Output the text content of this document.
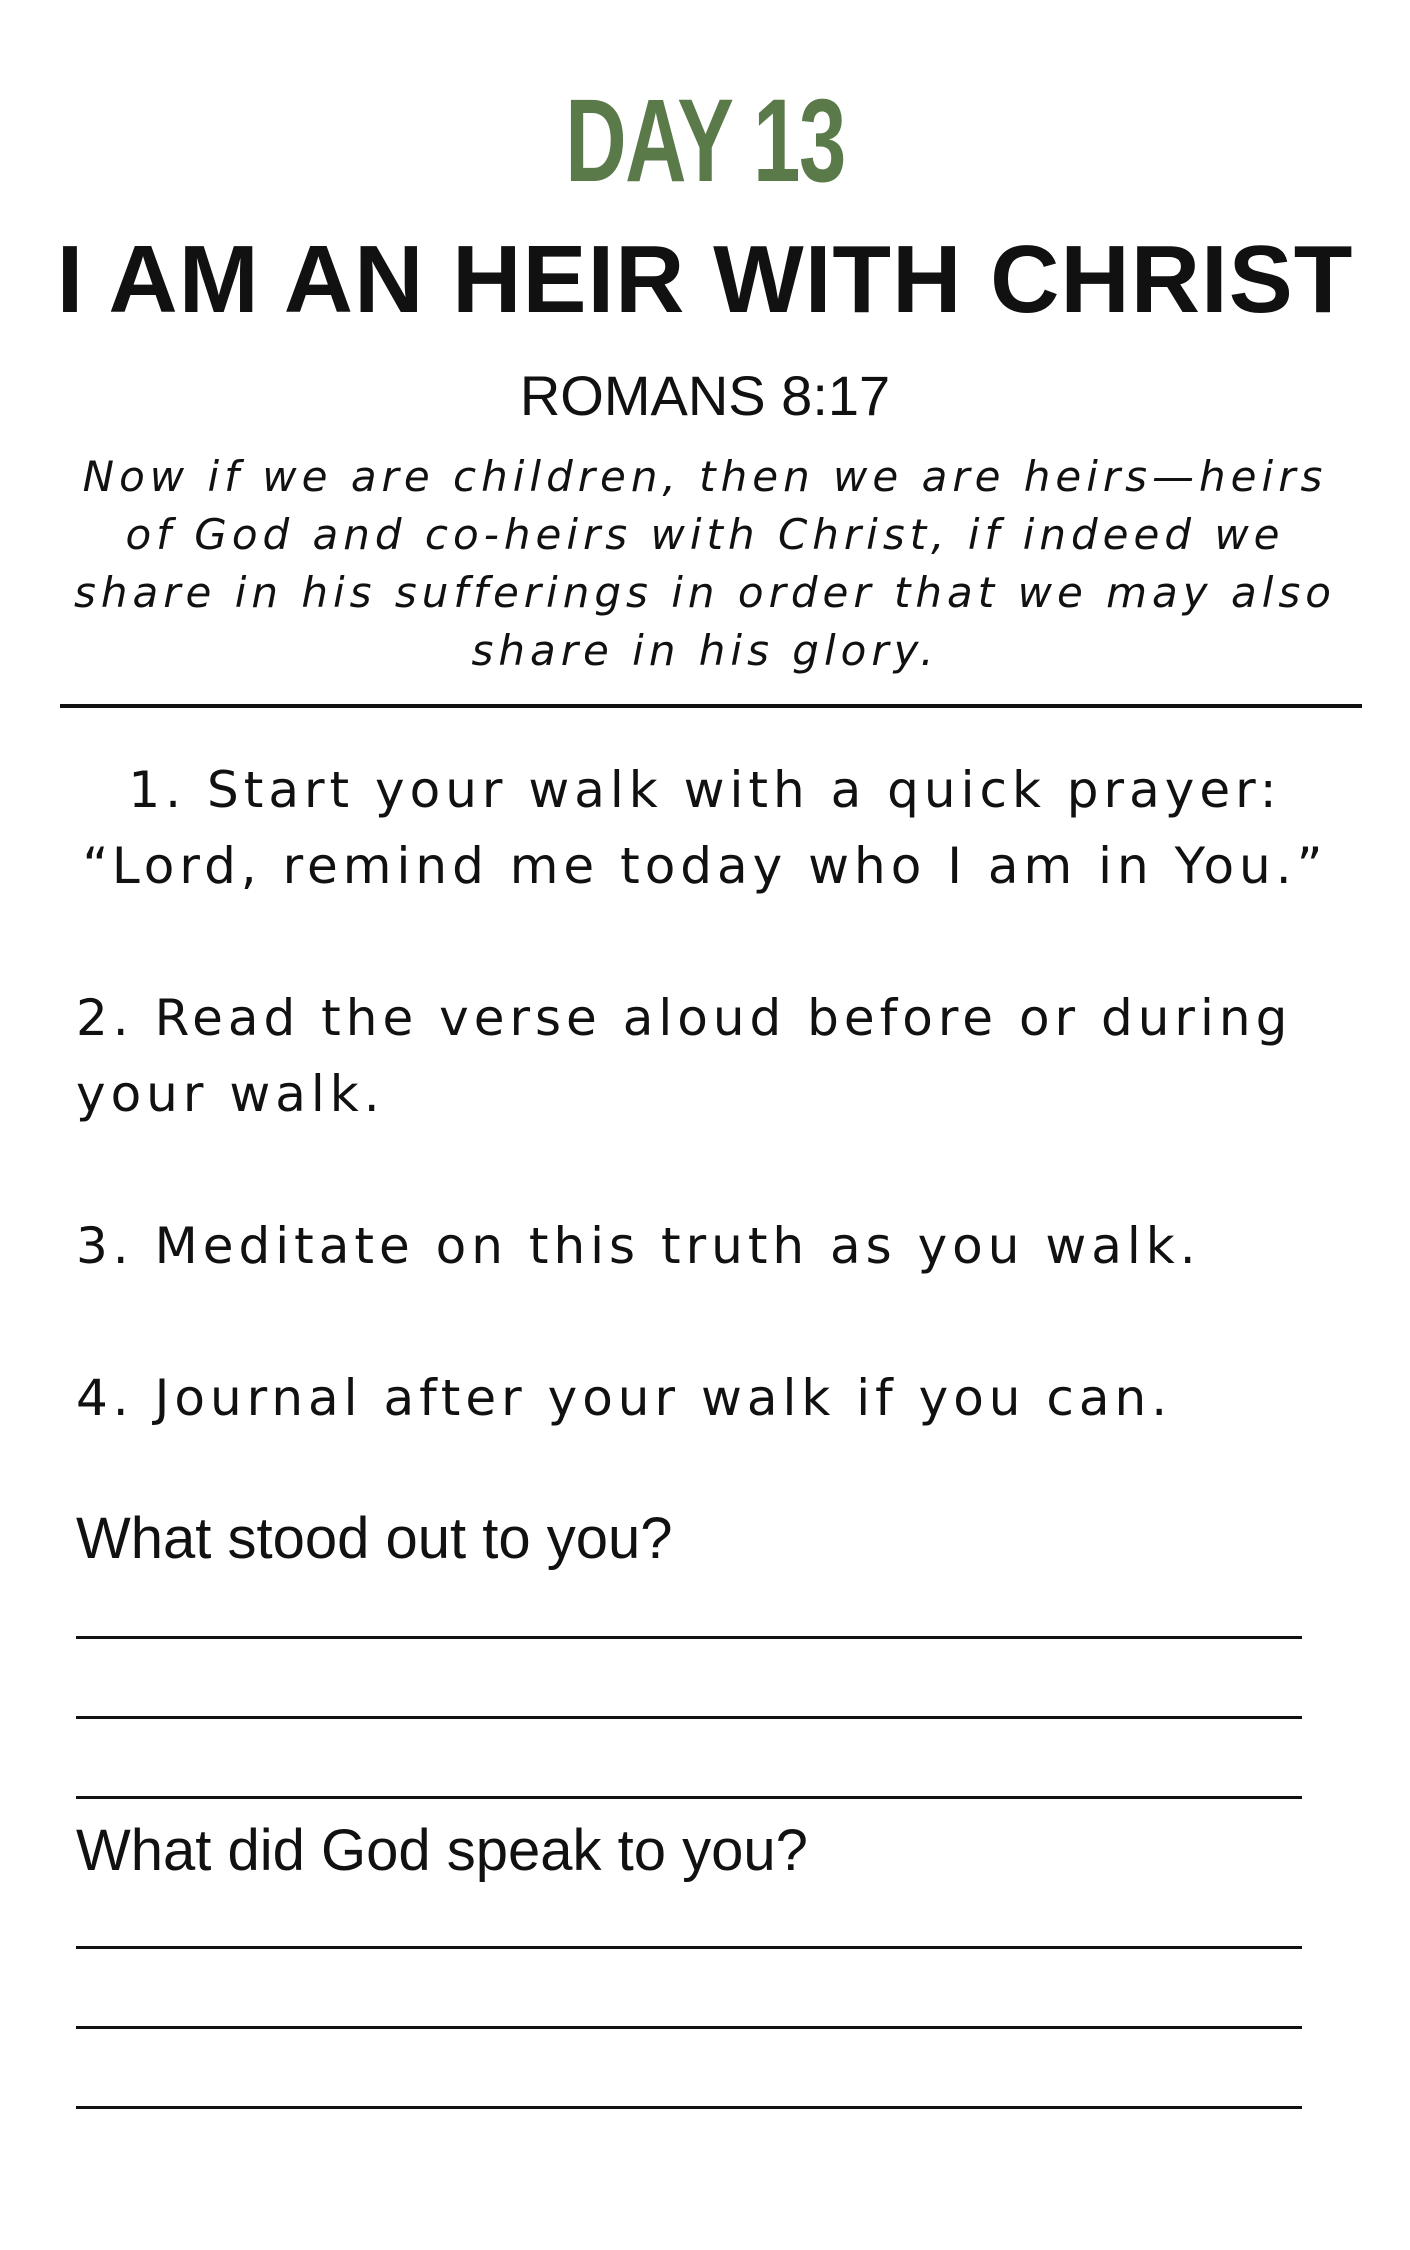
DAY 13
I AM AN HEIR WITH CHRIST
ROMANS 8:17

Now if we are children, then we are heirs—heirs of God and co-heirs with Christ, if indeed we share in his sufferings in order that we may also share in his glory.

1. Start your walk with a quick prayer:
“Lord, remind me today who I am in You.”

2. Read the verse aloud before or during your walk.

3. Meditate on this truth as you walk.

4. Journal after your walk if you can.

What stood out to you?
What did God speak to you?
